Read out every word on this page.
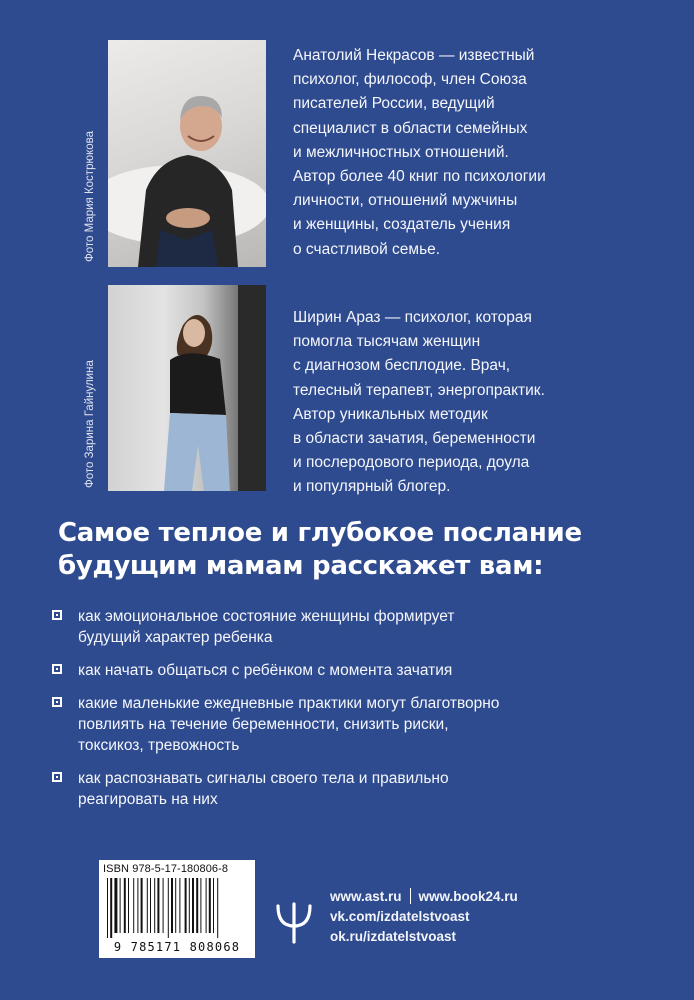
Фото Мария Кострюкова
Анатолий Некрасов — известный
психолог, философ, член Союза
писателей России, ведущий
специалист в области семейных
и межличностных отношений.
Автор более 40 книг по психологии
личности, отношений мужчины
и женщины, создатель учения
о счастливой семье.
Фото Зарина Гайнулина
Ширин Араз — психолог, которая
помогла тысячам женщин
с диагнозом бесплодие. Врач,
телесный терапевт, энергопрактик.
Автор уникальных методик
в области зачатия, беременности
и послеродового периода, доула
и популярный блогер.
Самое теплое и глубокое послание
будущим мамам расскажет вам:
как эмоциональное состояние женщины формирует
будущий характер ребенка
как начать общаться с ребёнком с момента зачатия
какие маленькие ежедневные практики могут благотворно
повлиять на течение беременности, снизить риски,
токсикоз, тревожность
как распознавать сигналы своего тела и правильно
реагировать на них
ISBN 978-5-17-180806-8
9 785171 808068
www.ast.ru www.book24.ru
vk.com/izdatelstvoast
ok.ru/izdatelstvoast
